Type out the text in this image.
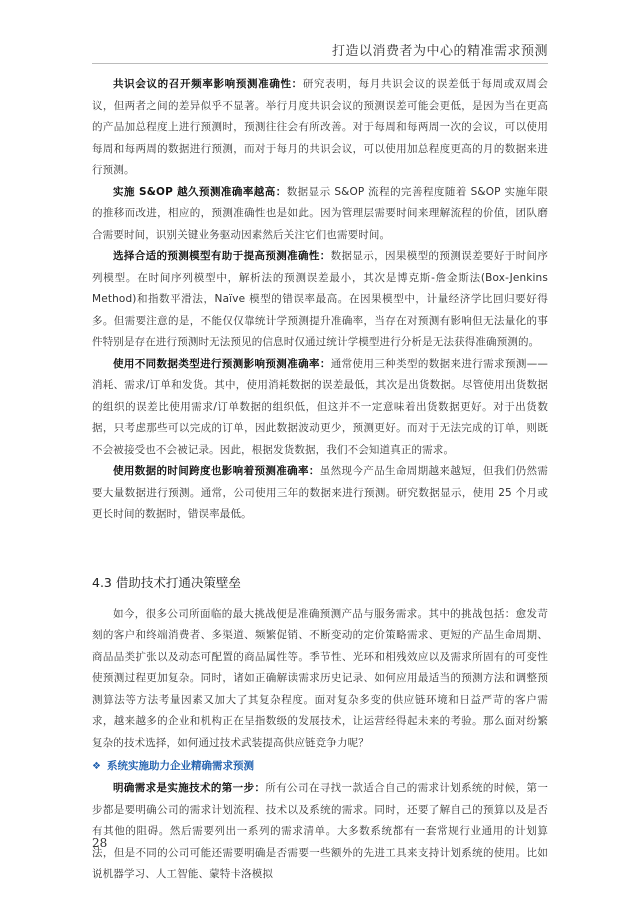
打造以消费者为中心的精准需求预测

共识会议的召开频率影响预测准确性：研究表明，每月共识会议的误差低于每周或双周会议，但两者之间的差异似乎不显著。举行月度共识会议的预测误差可能会更低，是因为当在更高的产品加总程度上进行预测时，预测往往会有所改善。对于每周和每两周一次的会议，可以使用每周和每两周的数据进行预测，而对于每月的共识会议，可以使用加总程度更高的月的数据来进行预测。

实施 S&OP 越久预测准确率越高：数据显示 S&OP 流程的完善程度随着 S&OP 实施年限的推移而改进，相应的，预测准确性也是如此。因为管理层需要时间来理解流程的价值，团队磨合需要时间，识别关键业务驱动因素然后关注它们也需要时间。

选择合适的预测模型有助于提高预测准确性：数据显示，因果模型的预测误差要好于时间序列模型。在时间序列模型中，解析法的预测误差最小，其次是博克斯-詹金斯法(Box-Jenkins Method)和指数平滑法，Naïve 模型的错误率最高。在因果模型中，计量经济学比回归要好得多。但需要注意的是，不能仅仅靠统计学预测提升准确率，当存在对预测有影响但无法量化的事件特别是存在进行预测时无法预见的信息时仅通过统计学模型进行分析是无法获得准确预测的。

使用不同数据类型进行预测影响预测准确率：通常使用三种类型的数据来进行需求预测——消耗、需求/订单和发货。其中，使用消耗数据的误差最低，其次是出货数据。尽管使用出货数据的组织的误差比使用需求/订单数据的组织低，但这并不一定意味着出货数据更好。对于出货数据，只考虑那些可以完成的订单，因此数据波动更少，预测更好。而对于无法完成的订单，则既不会被接受也不会被记录。因此，根据发货数据，我们不会知道真正的需求。

使用数据的时间跨度也影响着预测准确率：虽然现今产品生命周期越来越短，但我们仍然需要大量数据进行预测。通常，公司使用三年的数据来进行预测。研究数据显示，使用 25 个月或更长时间的数据时，错误率最低。

4.3 借助技术打通决策壁垒

如今，很多公司所面临的最大挑战便是准确预测产品与服务需求。其中的挑战包括：愈发苛刻的客户和终端消费者、多渠道、频繁促销、不断变动的定价策略需求、更短的产品生命周期、商品品类扩张以及动态可配置的商品属性等。季节性、光环和相残效应以及需求所固有的可变性使预测过程更加复杂。同时，诸如正确解读需求历史记录、如何应用最适当的预测方法和调整预测算法等方法考量因素又加大了其复杂程度。面对复杂多变的供应链环境和日益严苛的客户需求，越来越多的企业和机构正在呈指数级的发展技术，让运营经得起未来的考验。那么面对纷繁复杂的技术选择，如何通过技术武装提高供应链竞争力呢？

❖ 系统实施助力企业精确需求预测

明确需求是实施技术的第一步：所有公司在寻找一款适合自己的需求计划系统的时候，第一步都是要明确公司的需求计划流程、技术以及系统的需求。同时，还要了解自己的预算以及是否有其他的阻碍。然后需要列出一系列的需求清单。大多数系统都有一套常规行业通用的计划算法，但是不同的公司可能还需要明确是否需要一些额外的先进工具来支持计划系统的使用。比如说机器学习、人工智能、蒙特卡洛模拟

28
